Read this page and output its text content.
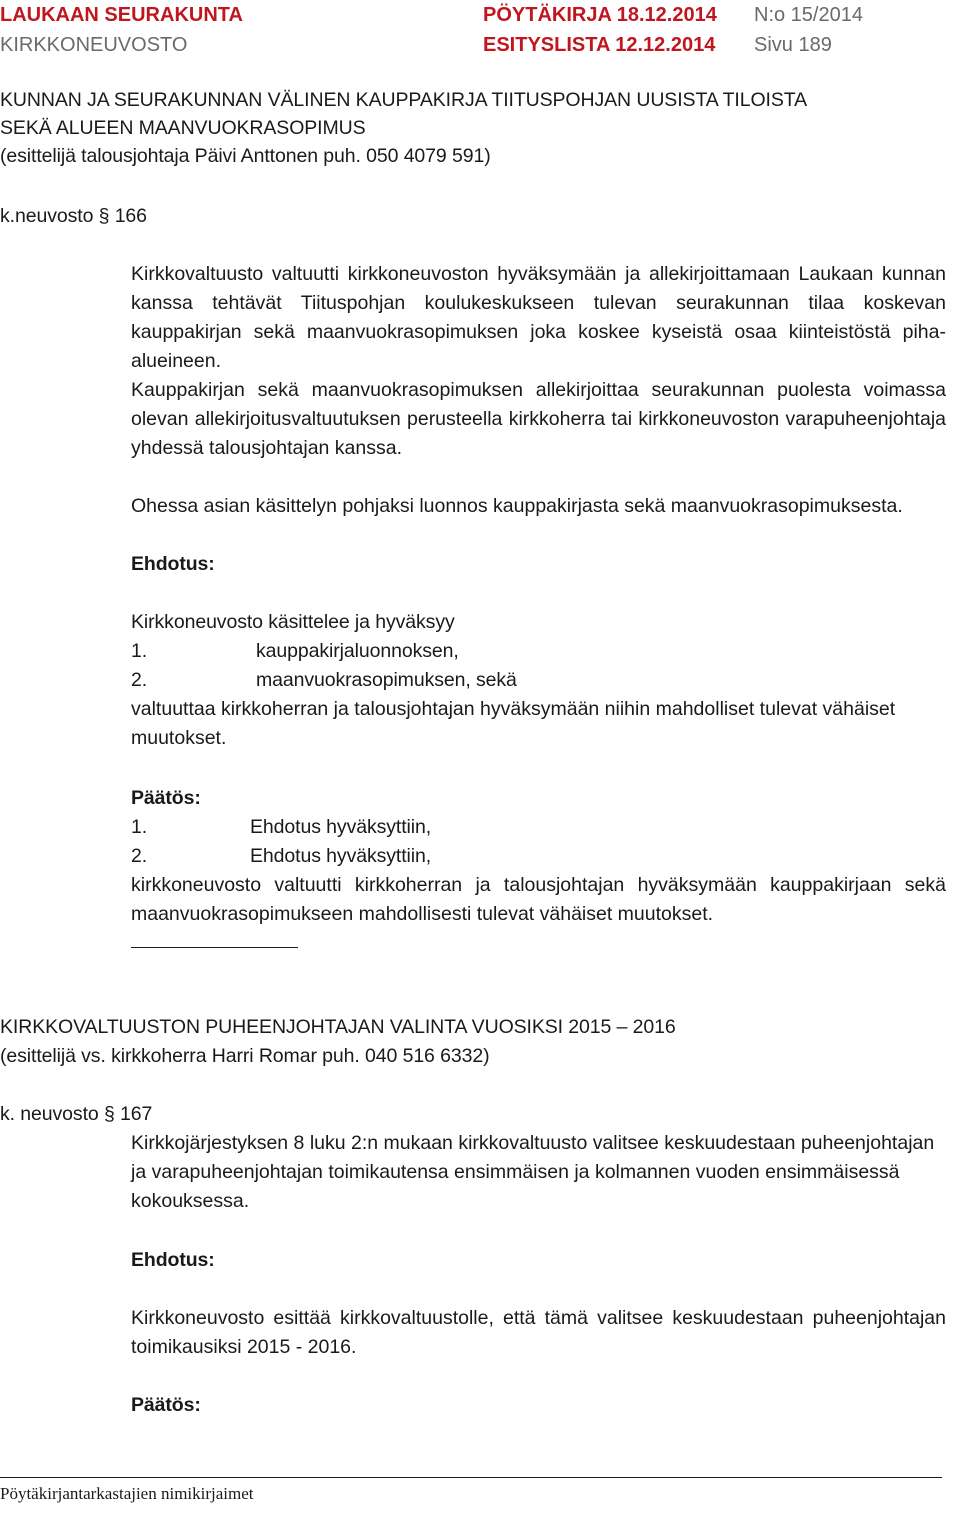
LAUKAAN SEURAKUNTA
KIRKKONEUVOSTO
PÖYTÄKIRJA 18.12.2014
ESITYSLISTA 12.12.2014
N:o 15/2014
Sivu 189
KUNNAN JA SEURAKUNNAN VÄLINEN KAUPPAKIRJA TIITUSPOHJAN UUSISTA TILOISTA
SEKÄ ALUEEN MAANVUOKRASOPIMUS
(esittelijä talousjohtaja Päivi Anttonen puh. 050 4079 591)
k.neuvosto § 166
Kirkkovaltuusto valtuutti kirkkoneuvoston hyväksymään ja allekirjoittamaan Laukaan kunnan kanssa tehtävät Tiituspohjan koulukeskukseen tulevan seurakunnan tilaa koskevan kauppakirjan sekä maanvuokrasopimuksen joka koskee kyseistä osaa kiinteistöstä piha-alueineen.
Kauppakirjan sekä maanvuokrasopimuksen allekirjoittaa seurakunnan puolesta voimassa olevan allekirjoitusvaltuutuksen perusteella kirkkoherra tai kirkkoneuvoston varapuheenjohtaja yhdessä talousjohtajan kanssa.
Ohessa asian käsittelyn pohjaksi luonnos kauppakirjasta sekä maanvuokrasopimuksesta.
Ehdotus:
Kirkkoneuvosto käsittelee ja hyväksyy
1.	kauppakirjaluonnoksen,
2.	maanvuokrasopimuksen, sekä
valtuuttaa kirkkoherran ja talousjohtajan hyväksymään niihin mahdolliset tulevat vähäiset muutokset.
Päätös:
1.	Ehdotus hyväksyttiin,
2.	Ehdotus hyväksyttiin,
kirkkoneuvosto valtuutti kirkkoherran ja talousjohtajan hyväksymään kauppakirjaan sekä maanvuokrasopimukseen mahdollisesti tulevat vähäiset muutokset.
KIRKKOVALTUUSTON PUHEENJOHTAJAN VALINTA VUOSIKSI 2015 – 2016
(esittelijä vs. kirkkoherra Harri Romar puh. 040 516 6332)
k. neuvosto § 167
Kirkkojärjestyksen 8 luku 2:n mukaan kirkkovaltuusto valitsee keskuudestaan puheenjohtajan ja varapuheenjohtajan toimikautensa ensimmäisen ja kolmannen vuoden ensimmäisessä kokouksessa.
Ehdotus:
Kirkkoneuvosto esittää kirkkovaltuustolle, että tämä valitsee keskuudestaan puheenjohtajan toimikausiksi 2015 - 2016.
Päätös:
Pöytäkirjantarkastajien nimikirjaimet
